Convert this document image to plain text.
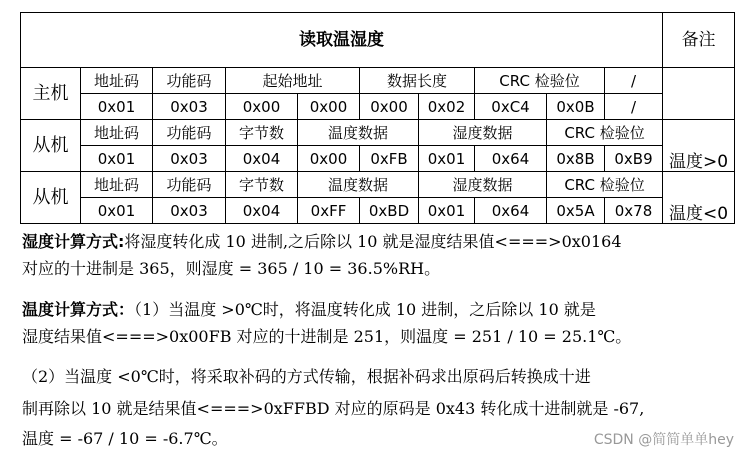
读取温湿度										备注
主机	地址码	功能码	起始地址		数据长度		CRC 检验位		/	
	0x01	0x03	0x00	0x00	0x00	0x02	0xC4	0x0B	/	
从机	地址码	功能码	字节数	温度数据		湿度数据		CRC 检验位		温度>0
	0x01	0x03	0x04	0x00	0xFB	0x01	0x64	0x8B	0xB9	
从机	地址码	功能码	字节数	温度数据		湿度数据		CRC 检验位		温度<0
	0x01	0x03	0x04	0xFF	0xBD	0x01	0x64	0x5A	0x78	
湿度计算方式:将湿度转化成 10 进制,之后除以 10 就是湿度结果值<===>0x0164
对应的十进制是 365，则湿度 = 365 / 10 = 36.5%RH。
温度计算方式：（1）当温度 >0℃时，将温度转化成 10 进制，之后除以 10 就是
湿度结果值<===>0x00FB 对应的十进制是 251，则温度 = 251 / 10 = 25.1℃。
（2）当温度 <0℃时，将采取补码的方式传输，根据补码求出原码后转换成十进
制再除以 10 就是结果值<===>0xFFBD 对应的原码是 0x43 转化成十进制就是 -67,
温度 = -67 / 10 = -6.7℃。	CSDN @简简单单hey
